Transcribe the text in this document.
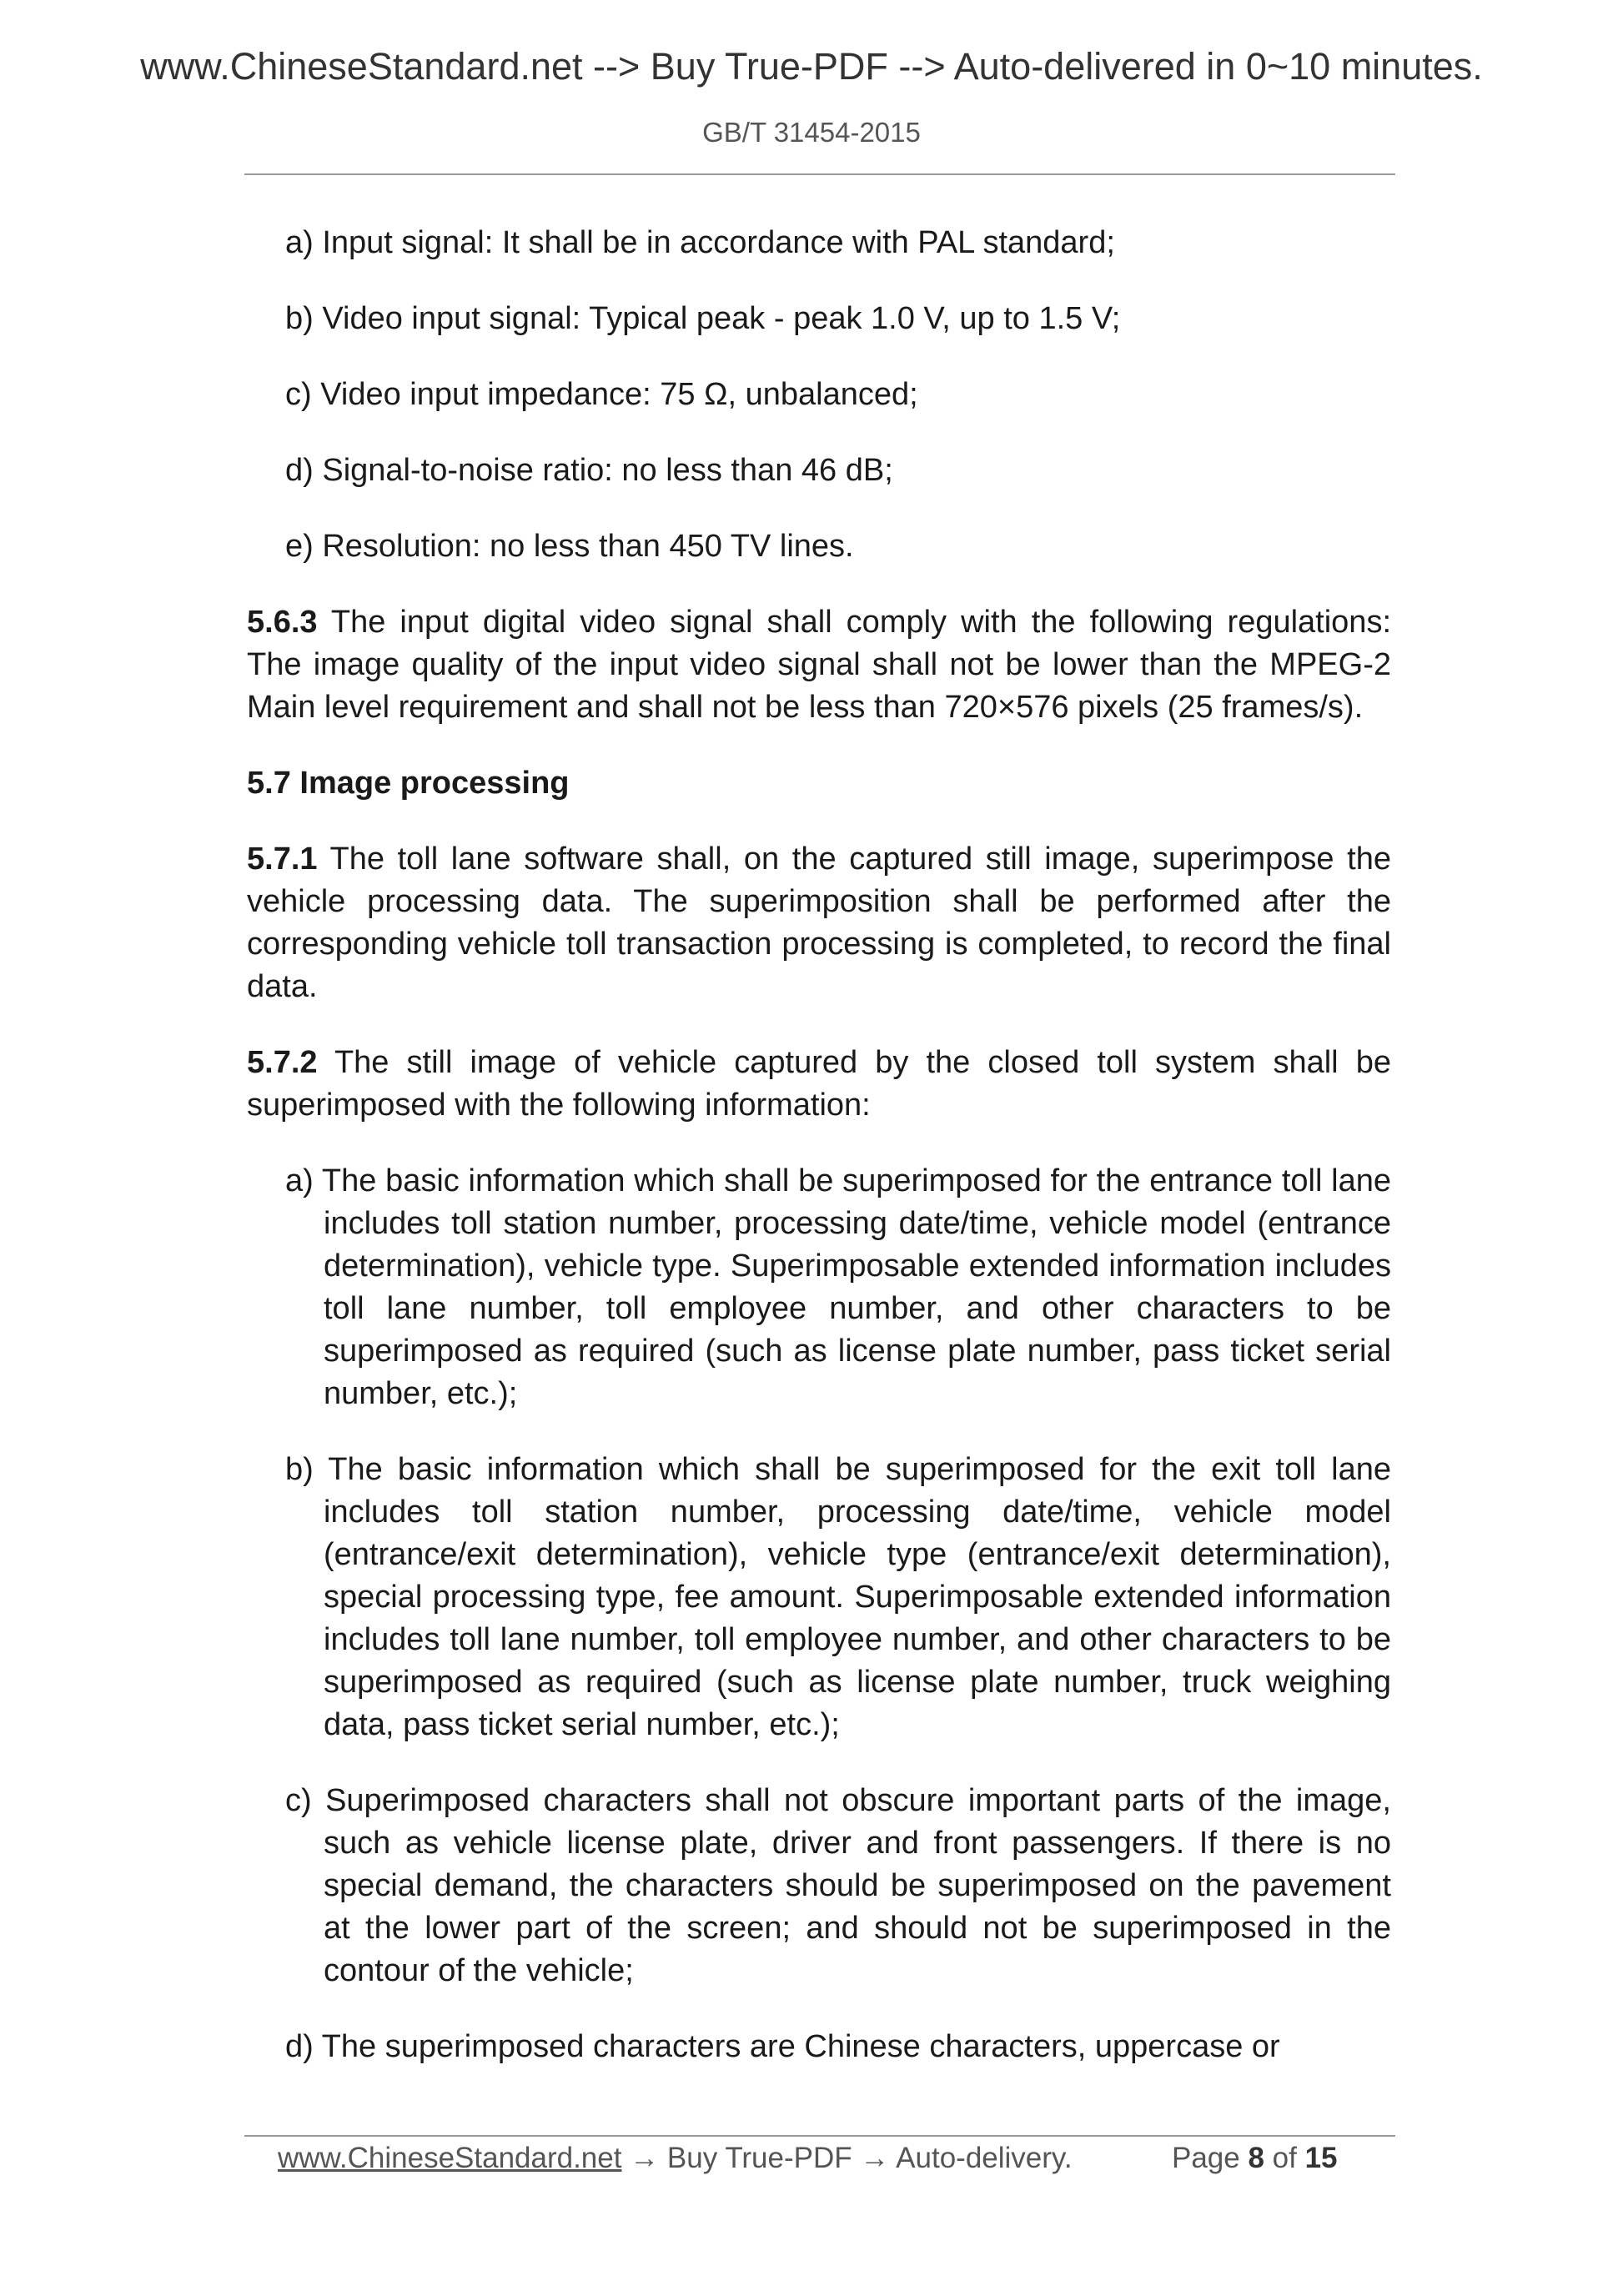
www.ChineseStandard.net --> Buy True-PDF --> Auto-delivered in 0~10 minutes.
GB/T 31454-2015
a) Input signal: It shall be in accordance with PAL standard;
b) Video input signal: Typical peak - peak 1.0 V, up to 1.5 V;
c) Video input impedance: 75 Ω, unbalanced;
d) Signal-to-noise ratio: no less than 46 dB;
e) Resolution: no less than 450 TV lines.

5.6.3 The input digital video signal shall comply with the following regulations: The image quality of the input video signal shall not be lower than the MPEG-2 Main level requirement and shall not be less than 720×576 pixels (25 frames/s).

5.7 Image processing

5.7.1 The toll lane software shall, on the captured still image, superimpose the vehicle processing data. The superimposition shall be performed after the corresponding vehicle toll transaction processing is completed, to record the final data.

5.7.2 The still image of vehicle captured by the closed toll system shall be superimposed with the following information:

a) The basic information which shall be superimposed for the entrance toll lane includes toll station number, processing date/time, vehicle model (entrance determination), vehicle type. Superimposable extended information includes toll lane number, toll employee number, and other characters to be superimposed as required (such as license plate number, pass ticket serial number, etc.);
b) The basic information which shall be superimposed for the exit toll lane includes toll station number, processing date/time, vehicle model (entrance/exit determination), vehicle type (entrance/exit determination), special processing type, fee amount. Superimposable extended information includes toll lane number, toll employee number, and other characters to be superimposed as required (such as license plate number, truck weighing data, pass ticket serial number, etc.);
c) Superimposed characters shall not obscure important parts of the image, such as vehicle license plate, driver and front passengers. If there is no special demand, the characters should be superimposed on the pavement at the lower part of the screen; and should not be superimposed in the contour of the vehicle;
d) The superimposed characters are Chinese characters, uppercase or
www.ChineseStandard.net → Buy True-PDF → Auto-delivery.	Page 8 of 15
